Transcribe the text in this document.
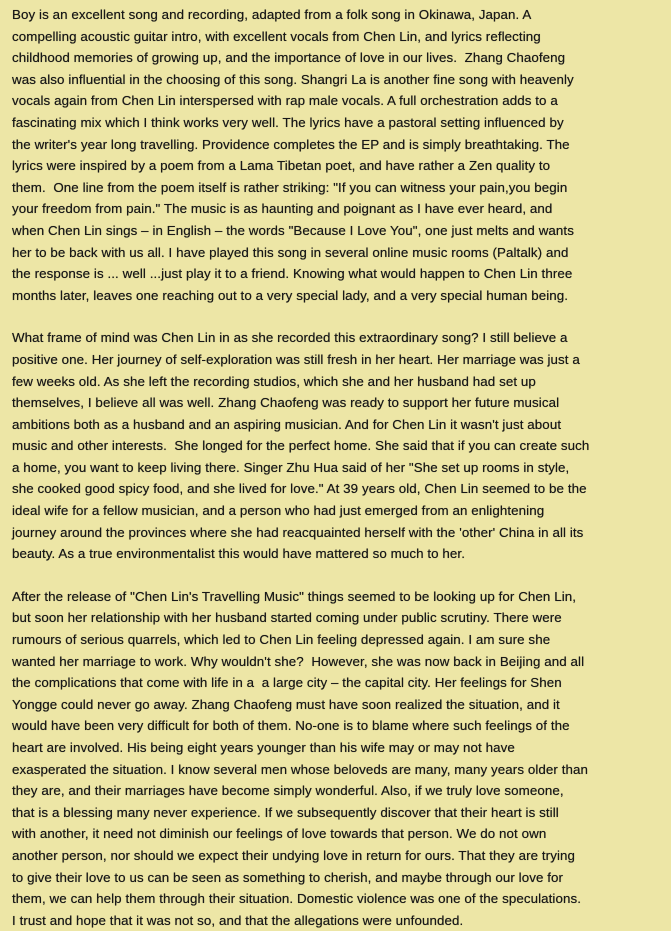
Boy is an excellent song and recording, adapted from a folk song in Okinawa, Japan. A
compelling acoustic guitar intro, with excellent vocals from Chen Lin, and lyrics reflecting
childhood memories of growing up, and the importance of love in our lives.  Zhang Chaofeng
was also influential in the choosing of this song. Shangri La is another fine song with heavenly
vocals again from Chen Lin interspersed with rap male vocals. A full orchestration adds to a
fascinating mix which I think works very well. The lyrics have a pastoral setting influenced by
the writer's year long travelling. Providence completes the EP and is simply breathtaking. The
lyrics were inspired by a poem from a Lama Tibetan poet, and have rather a Zen quality to
them.  One line from the poem itself is rather striking: "If you can witness your pain,you begin
your freedom from pain." The music is as haunting and poignant as I have ever heard, and
when Chen Lin sings – in English – the words "Because I Love You", one just melts and wants
her to be back with us all. I have played this song in several online music rooms (Paltalk) and
the response is ... well ...just play it to a friend. Knowing what would happen to Chen Lin three
months later, leaves one reaching out to a very special lady, and a very special human being.

What frame of mind was Chen Lin in as she recorded this extraordinary song? I still believe a
positive one. Her journey of self-exploration was still fresh in her heart. Her marriage was just a
few weeks old. As she left the recording studios, which she and her husband had set up
themselves, I believe all was well. Zhang Chaofeng was ready to support her future musical
ambitions both as a husband and an aspiring musician. And for Chen Lin it wasn't just about
music and other interests.  She longed for the perfect home. She said that if you can create such
a home, you want to keep living there. Singer Zhu Hua said of her "She set up rooms in style,
she cooked good spicy food, and she lived for love." At 39 years old, Chen Lin seemed to be the
ideal wife for a fellow musician, and a person who had just emerged from an enlightening
journey around the provinces where she had reacquainted herself with the 'other' China in all its
beauty. As a true environmentalist this would have mattered so much to her.

After the release of "Chen Lin's Travelling Music" things seemed to be looking up for Chen Lin,
but soon her relationship with her husband started coming under public scrutiny. There were
rumours of serious quarrels, which led to Chen Lin feeling depressed again. I am sure she
wanted her marriage to work. Why wouldn't she?  However, she was now back in Beijing and all
the complications that come with life in a  a large city – the capital city. Her feelings for Shen
Yongge could never go away. Zhang Chaofeng must have soon realized the situation, and it
would have been very difficult for both of them. No-one is to blame where such feelings of the
heart are involved. His being eight years younger than his wife may or may not have
exasperated the situation. I know several men whose beloveds are many, many years older than
they are, and their marriages have become simply wonderful. Also, if we truly love someone,
that is a blessing many never experience. If we subsequently discover that their heart is still
with another, it need not diminish our feelings of love towards that person. We do not own
another person, nor should we expect their undying love in return for ours. That they are trying
to give their love to us can be seen as something to cherish, and maybe through our love for
them, we can help them through their situation. Domestic violence was one of the speculations.
I trust and hope that it was not so, and that the allegations were unfounded.
